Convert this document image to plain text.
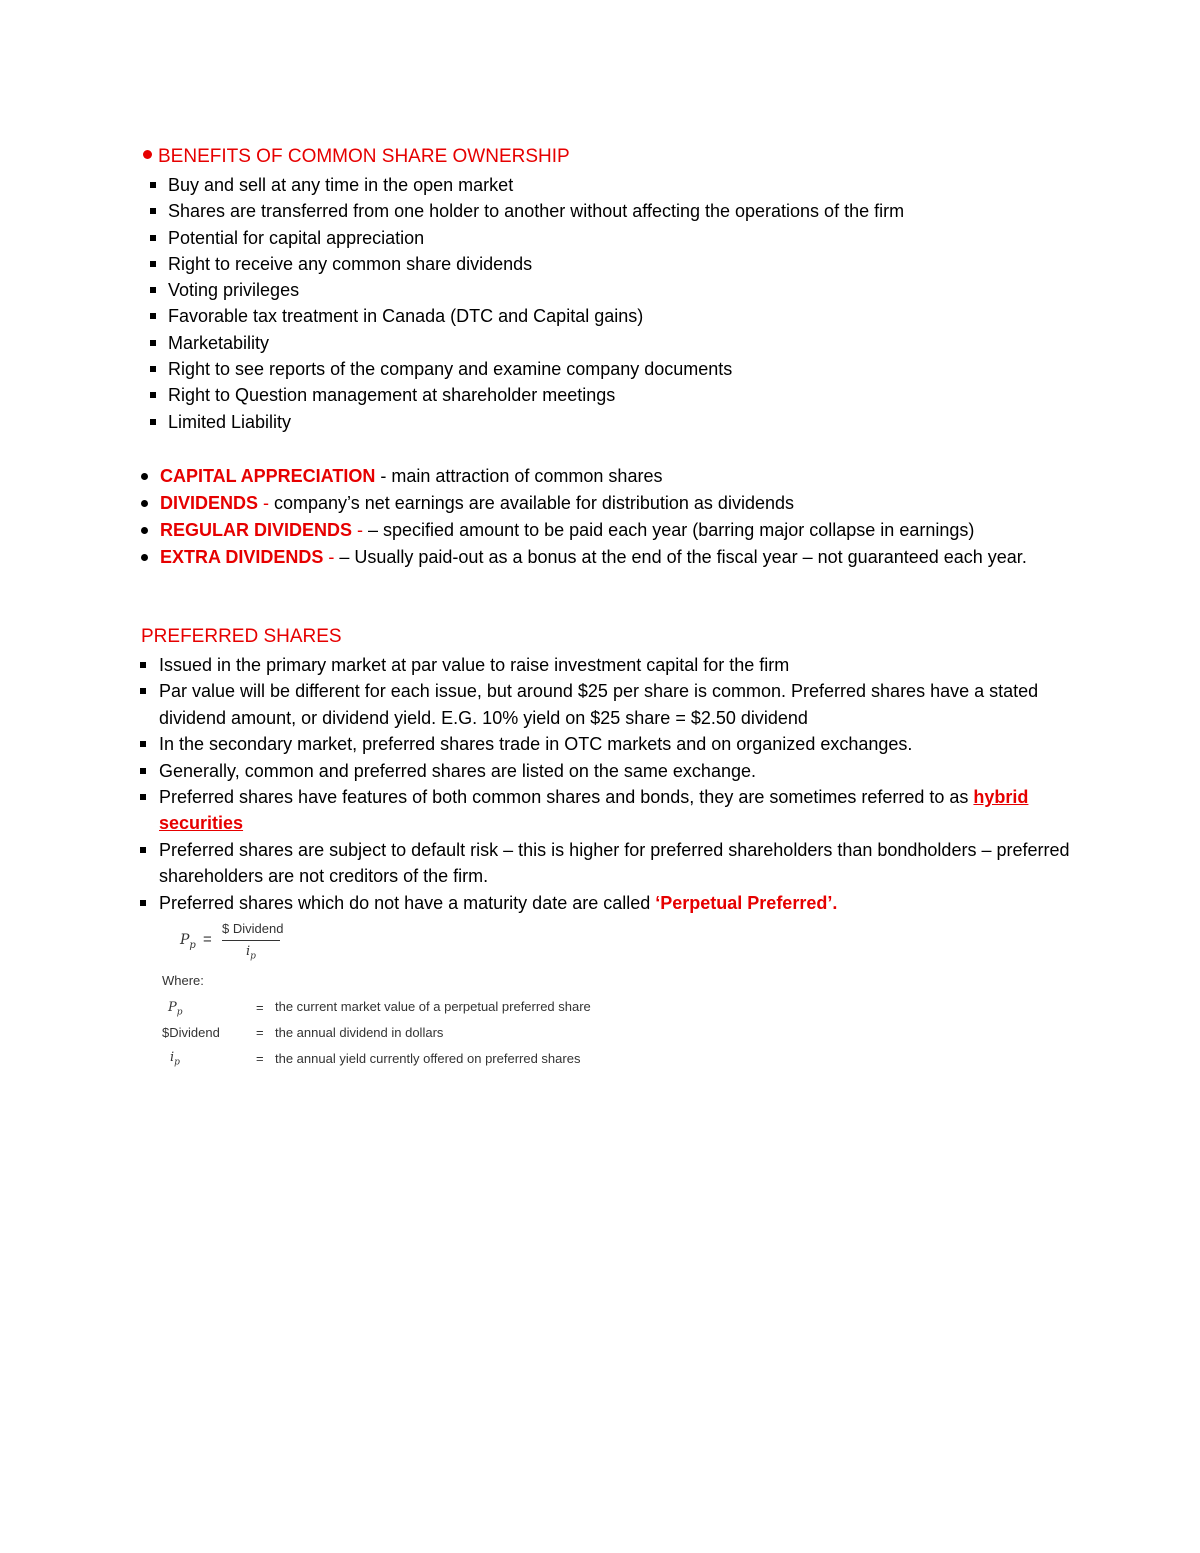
BENEFITS OF COMMON SHARE OWNERSHIP
Buy and sell at any time in the open market
Shares are transferred from one holder to another without affecting the operations of the firm
Potential for capital appreciation
Right to receive any common share dividends
Voting privileges
Favorable tax treatment in Canada (DTC and Capital gains)
Marketability
Right to see reports of the company and examine company documents
Right to Question management at shareholder meetings
Limited Liability
CAPITAL APPRECIATION - main attraction of common shares
DIVIDENDS - company’s net earnings are available for distribution as dividends
REGULAR DIVIDENDS - – specified amount to be paid each year (barring major collapse in earnings)
EXTRA DIVIDENDS - – Usually paid-out as a bonus at the end of the fiscal year – not guaranteed each year.
PREFERRED SHARES
Issued in the primary market at par value to raise investment capital for the firm
Par value will be different for each issue, but around $25 per share is common. Preferred shares have a stated dividend amount, or dividend yield. E.G. 10% yield on $25 share = $2.50 dividend
In the secondary market, preferred shares trade in OTC markets and on organized exchanges.
Generally, common and preferred shares are listed on the same exchange.
Preferred shares have features of both common shares and bonds, they are sometimes referred to as hybrid securities
Preferred shares are subject to default risk – this is higher for preferred shareholders than bondholders – preferred shareholders are not creditors of the firm.
Preferred shares which do not have a maturity date are called ‘Perpetual Preferred’.
$P_p$ =
$ Dividend
$i_p$
Where:
$P_p$	= the current market value of a perpetual preferred share
$Dividend	= the annual dividend in dollars
$i_p$	= the annual yield currently offered on preferred shares
